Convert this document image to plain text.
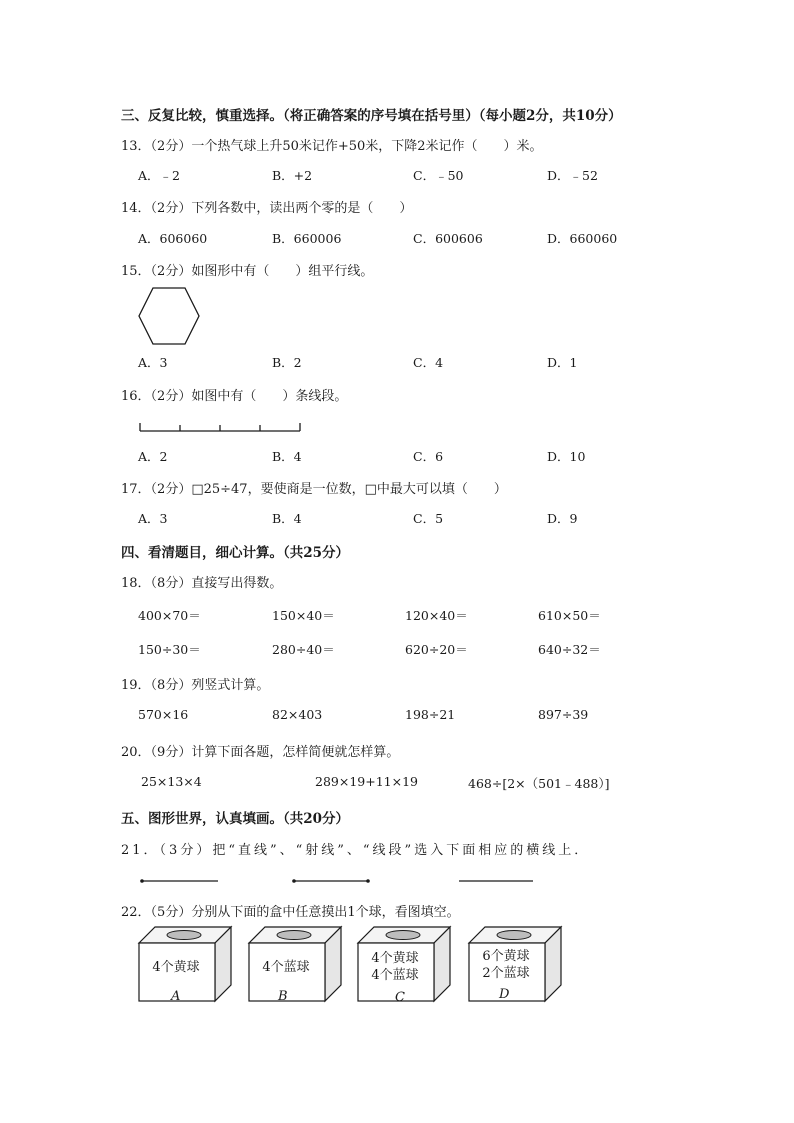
三、反复比较，慎重选择。（将正确答案的序号填在括号里）（每小题2分，共10分）
13．（2分）一个热气球上升50米记作+50米，下降2米记作（　　）米。
A．﹣2	B．+2	C．﹣50	D．﹣52
14．（2分）下列各数中，读出两个零的是（　　）
A．606060	B．660006	C．600606	D．660060
15．（2分）如图形中有（　　）组平行线。
A．3	B．2	C．4	D．1
16．（2分）如图中有（　　）条线段。
A．2	B．4	C．6	D．10
17．（2分）□25÷47，要使商是一位数，□中最大可以填（　　）
A．3	B．4	C．5	D．9
四、看清题目，细心计算。（共25分）
18．（8分）直接写出得数。
400×70＝	150×40＝	120×40＝	610×50＝
150÷30＝	280÷40＝	620÷20＝	640÷32＝
19．（8分）列竖式计算。
570×16	82×403	198÷21	897÷39
20．（9分）计算下面各题，怎样简便就怎样算。
25×13×4	289×19+11×19	468÷[2×（501﹣488）]
五、图形世界，认真填画。（共20分）
21．（3分）把“直线”、“射线”、“线段”选入下面相应的横线上．
22．（5分）分别从下面的盒中任意摸出1个球，看图填空。
4个黄球
A
4个蓝球
B
4个黄球
4个蓝球
C
6个黄球
2个蓝球
D
